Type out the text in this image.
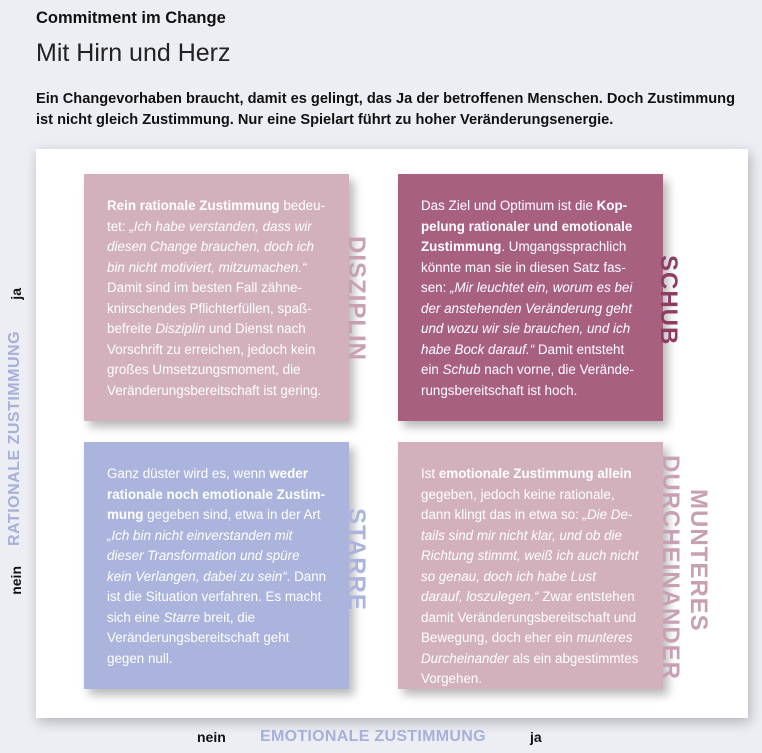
Commitment im Change
Mit Hirn und Herz
Ein Changevorhaben braucht, damit es gelingt, das Ja der betroffenen Menschen. Doch Zustimmung ist nicht gleich Zustimmung. Nur eine Spielart führt zu hoher Veränderungsenergie.
Rein rationale Zustimmung bedeutet: „Ich habe verstanden, dass wir diesen Change brauchen, doch ich bin nicht motiviert, mitzumachen.“ Damit sind im besten Fall zähneknirschendes Pflichterfüllen, spaßbefreite Disziplin und Dienst nach Vorschrift zu erreichen, jedoch kein großes Umsetzungsmoment, die Veränderungsbereitschaft ist gering.
DISZIPLIN
Das Ziel und Optimum ist die Koppelung rationaler und emotionale Zustimmung. Umgangssprachlich könnte man sie in diesen Satz fassen: „Mir leuchtet ein, worum es bei der anstehenden Veränderung geht und wozu wir sie brauchen, und ich habe Bock darauf.“ Damit entsteht ein Schub nach vorne, die Veränderungsbereitschaft ist hoch.
SCHUB
Ganz düster wird es, wenn weder rationale noch emotionale Zustimmung gegeben sind, etwa in der Art „Ich bin nicht einverstanden mit dieser Transformation und spüre kein Verlangen, dabei zu sein“. Dann ist die Situation verfahren. Es macht sich eine Starre breit, die Veränderungsbereitschaft geht gegen null.
STARRE
Ist emotionale Zustimmung allein gegeben, jedoch keine rationale, dann klingt das in etwa so: „Die Details sind mir nicht klar, und ob die Richtung stimmt, weiß ich auch nicht so genau, doch ich habe Lust darauf, loszulegen.“ Zwar entstehen damit Veränderungsbereitschaft und Bewegung, doch eher ein munteres Durcheinander als ein abgestimmtes Vorgehen.	DURCHEINANDER MUNTERES
ja
RATIONALE ZUSTIMMUNG
nein
nein EMOTIONALE ZUSTIMMUNG	ja
